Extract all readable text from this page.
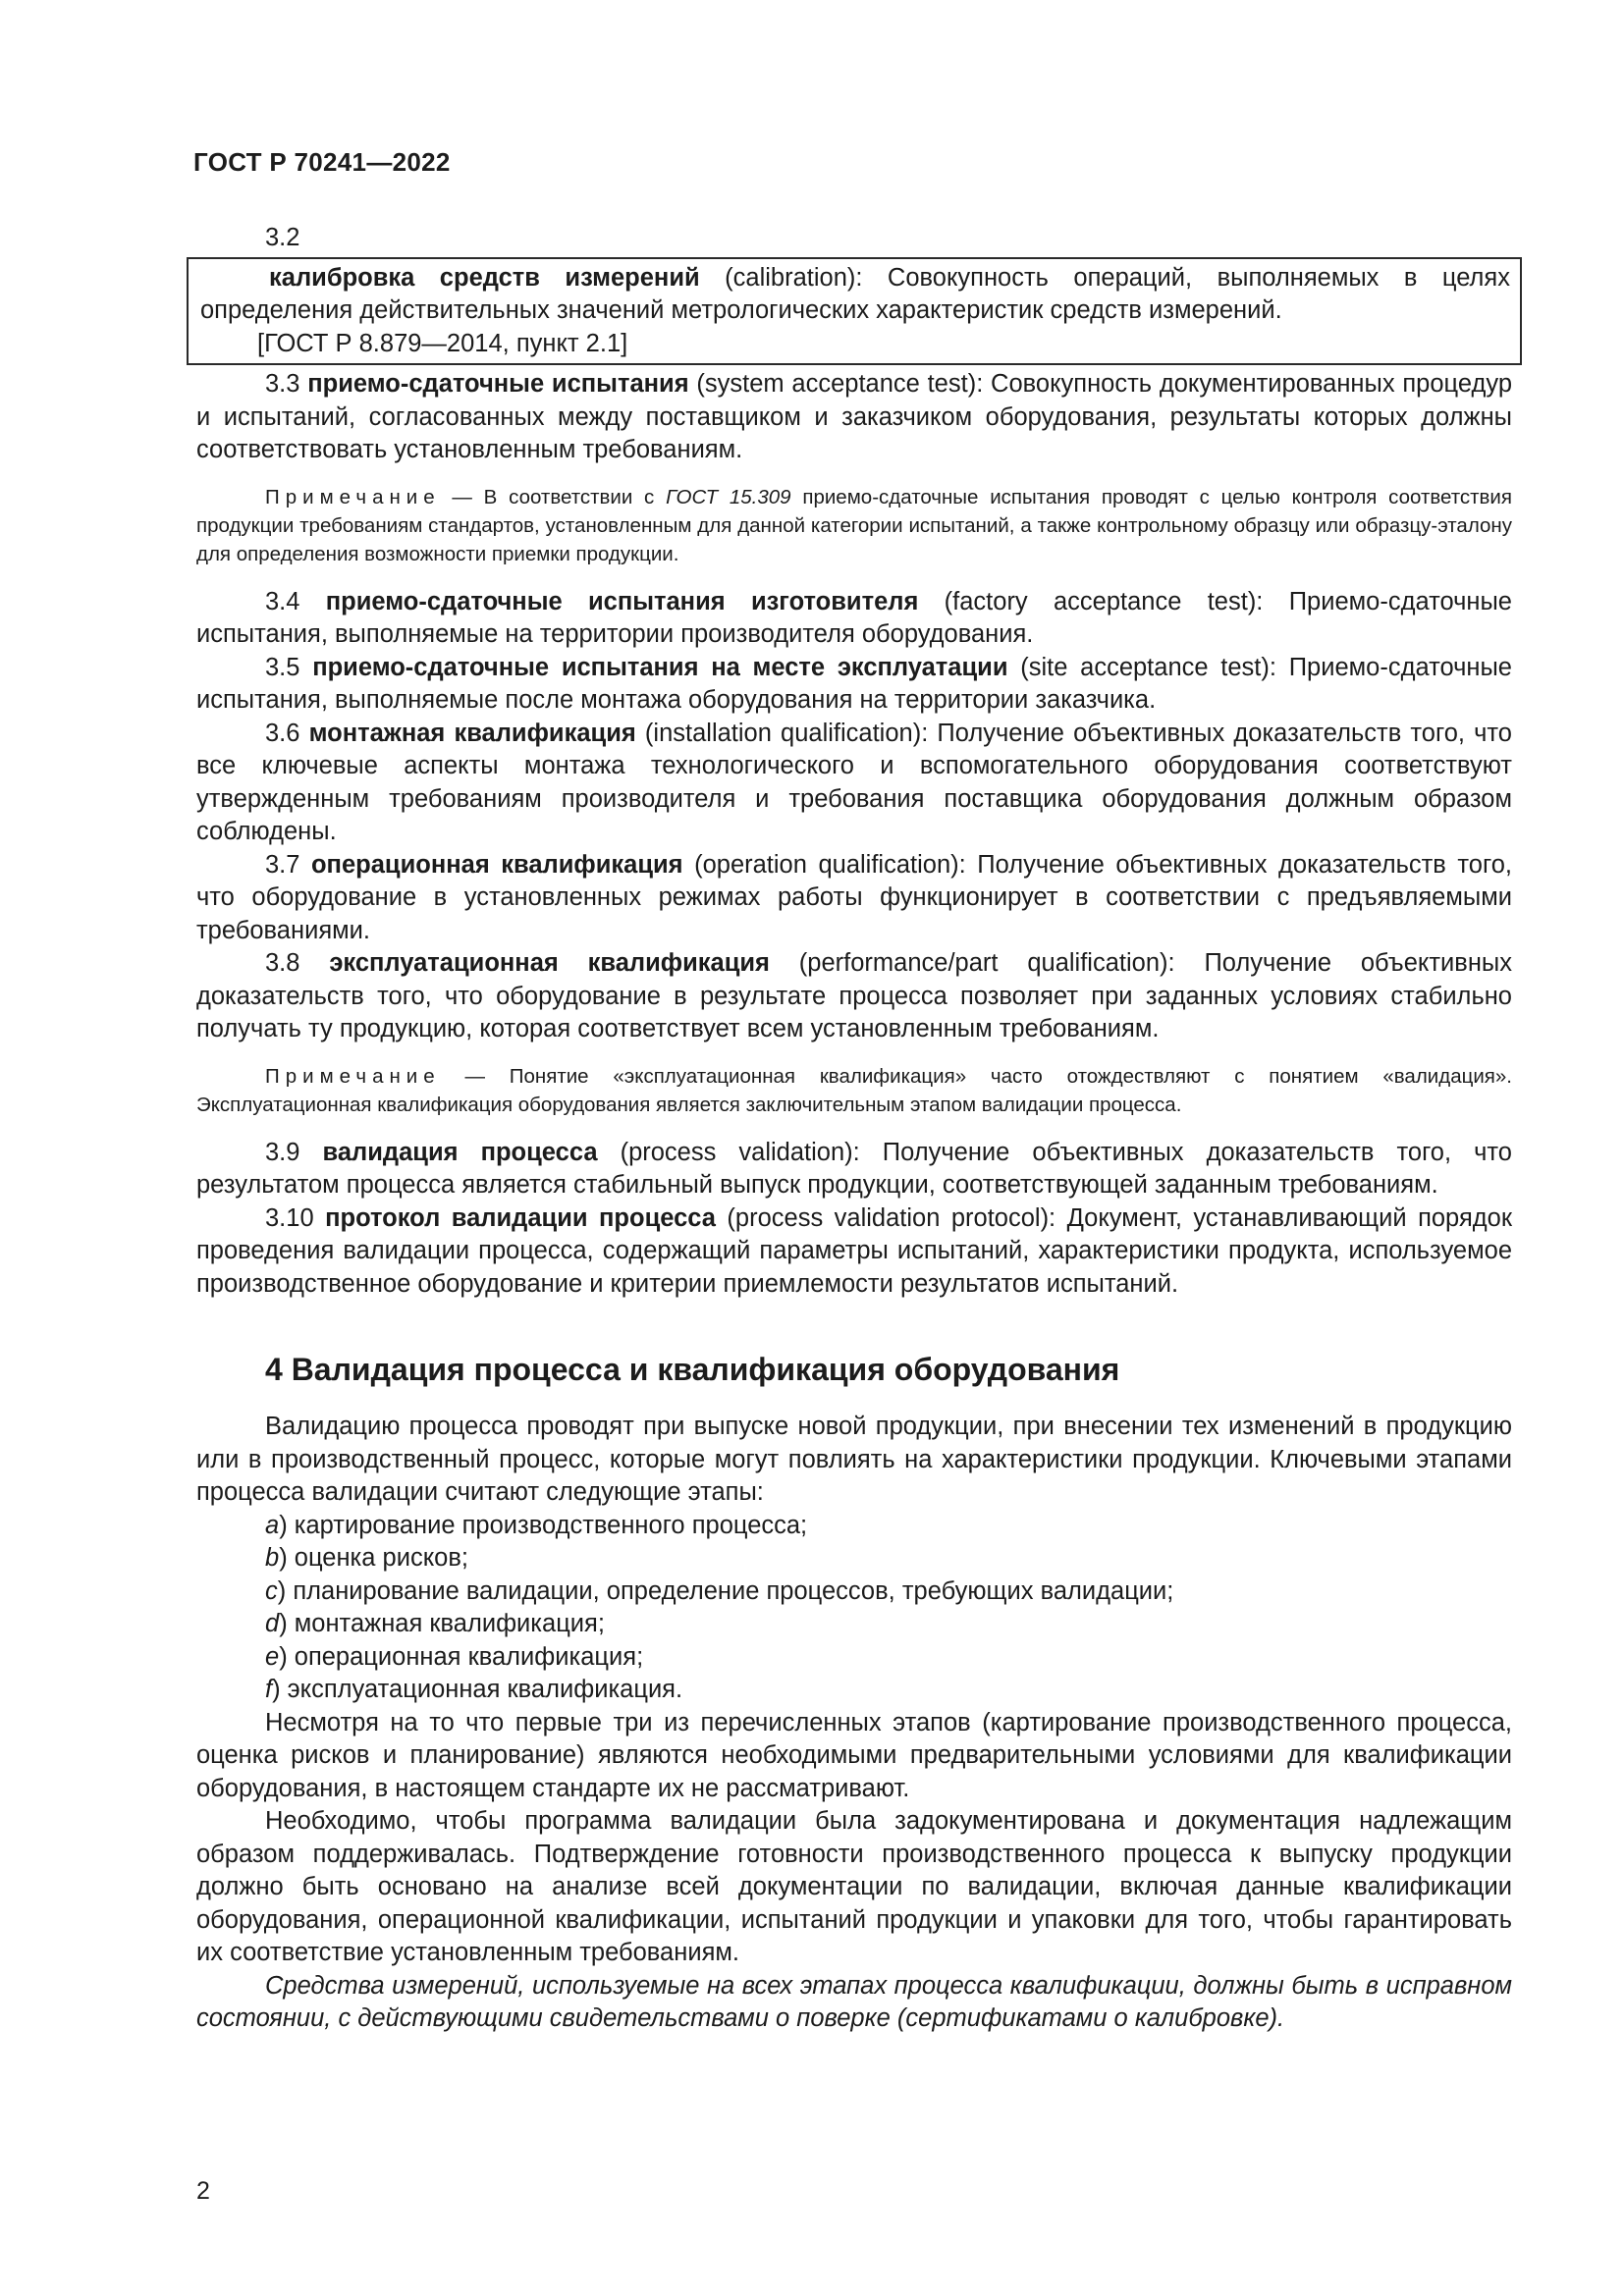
ГОСТ Р 70241—2022

3.2

калибровка средств измерений (calibration): Совокупность операций, выполняемых в целях определения действительных значений метрологических характеристик средств измерений.

[ГОСТ Р 8.879—2014, пункт 2.1]

3.3 приемо-сдаточные испытания (system acceptance test): Совокупность документированных процедур и испытаний, согласованных между поставщиком и заказчиком оборудования, результаты которых должны соответствовать установленным требованиям.

Примечание — В соответствии с ГОСТ 15.309 приемо-сдаточные испытания проводят с целью контроля соответствия продукции требованиям стандартов, установленным для данной категории испытаний, а также контрольному образцу или образцу-эталону для определения возможности приемки продукции.

3.4 приемо-сдаточные испытания изготовителя (factory acceptance test): Приемо-сдаточные испытания, выполняемые на территории производителя оборудования.

3.5 приемо-сдаточные испытания на месте эксплуатации (site acceptance test): Приемо-сдаточные испытания, выполняемые после монтажа оборудования на территории заказчика.

3.6 монтажная квалификация (installation qualification): Получение объективных доказательств того, что все ключевые аспекты монтажа технологического и вспомогательного оборудования соответствуют утвержденным требованиям производителя и требования поставщика оборудования должным образом соблюдены.

3.7 операционная квалификация (operation qualification): Получение объективных доказательств того, что оборудование в установленных режимах работы функционирует в соответствии с предъявляемыми требованиями.

3.8 эксплуатационная квалификация (performance/part qualification): Получение объективных доказательств того, что оборудование в результате процесса позволяет при заданных условиях стабильно получать ту продукцию, которая соответствует всем установленным требованиям.

Примечание — Понятие «эксплуатационная квалификация» часто отождествляют с понятием «валидация». Эксплуатационная квалификация оборудования является заключительным этапом валидации процесса.

3.9 валидация процесса (process validation): Получение объективных доказательств того, что результатом процесса является стабильный выпуск продукции, соответствующей заданным требованиям.

3.10 протокол валидации процесса (process validation protocol): Документ, устанавливающий порядок проведения валидации процесса, содержащий параметры испытаний, характеристики продукта, используемое производственное оборудование и критерии приемлемости результатов испытаний.

4 Валидация процесса и квалификация оборудования

Валидацию процесса проводят при выпуске новой продукции, при внесении тех изменений в продукцию или в производственный процесс, которые могут повлиять на характеристики продукции. Ключевыми этапами процесса валидации считают следующие этапы:

a) картирование производственного процесса;

b) оценка рисков;

c) планирование валидации, определение процессов, требующих валидации;

d) монтажная квалификация;

e) операционная квалификация;

f) эксплуатационная квалификация.

Несмотря на то что первые три из перечисленных этапов (картирование производственного процесса, оценка рисков и планирование) являются необходимыми предварительными условиями для квалификации оборудования, в настоящем стандарте их не рассматривают.

Необходимо, чтобы программа валидации была задокументирована и документация надлежащим образом поддерживалась. Подтверждение готовности производственного процесса к выпуску продукции должно быть основано на анализе всей документации по валидации, включая данные квалификации оборудования, операционной квалификации, испытаний продукции и упаковки для того, чтобы гарантировать их соответствие установленным требованиям.

Средства измерений, используемые на всех этапах процесса квалификации, должны быть в исправном состоянии, с действующими свидетельствами о поверке (сертификатами о калибровке).

2
